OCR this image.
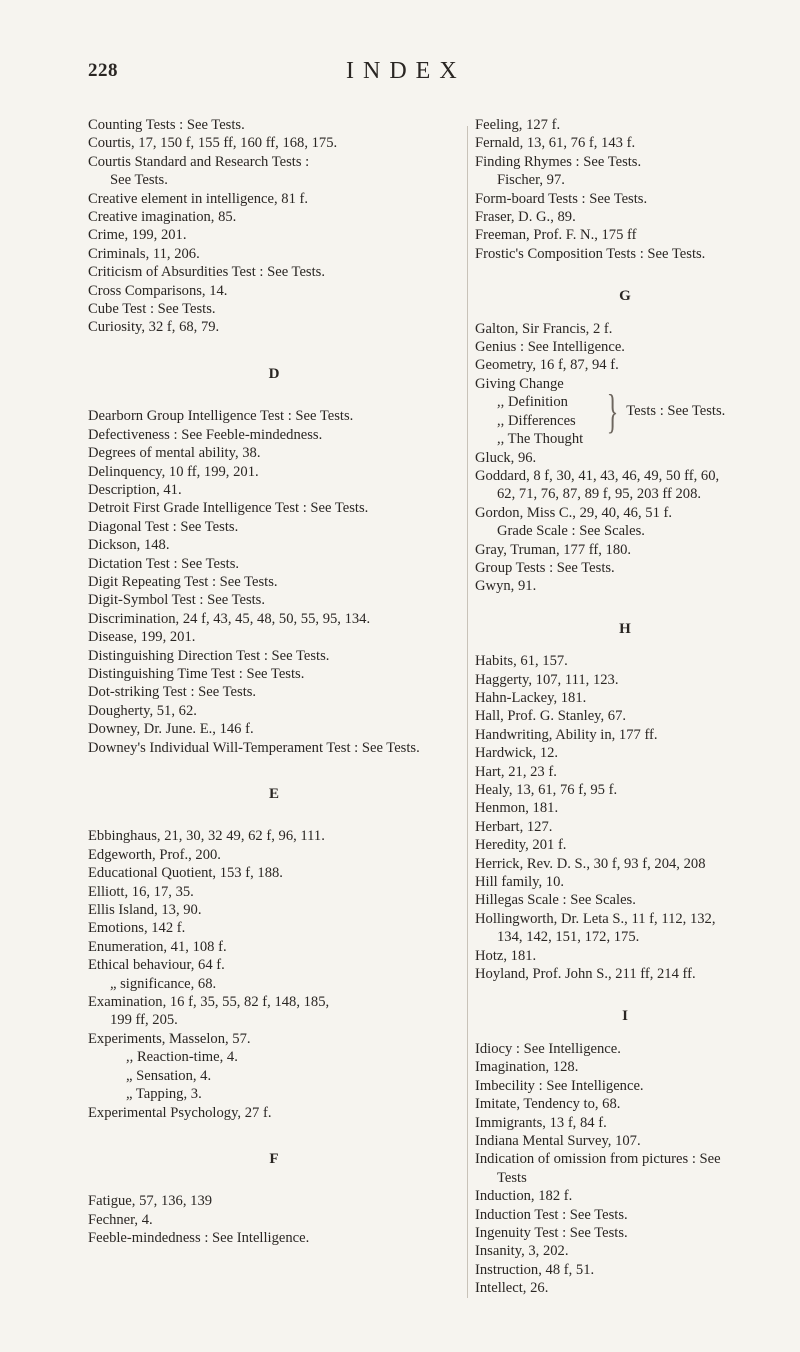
228	INDEX
Counting Tests : See Tests.
Courtis, 17, 150 f, 155 ff, 160 ff, 168, 175.
Courtis Standard and Research Tests :
See Tests.
Creative element in intelligence, 81 f.
Creative imagination, 85.
Crime, 199, 201.
Criminals, 11, 206.
Criticism of Absurdities Test : See Tests.
Cross Comparisons, 14.
Cube Test : See Tests.
Curiosity, 32 f, 68, 79.
D
Dearborn Group Intelligence Test : See Tests.
Defectiveness : See Feeble-mindedness.
Degrees of mental ability, 38.
Delinquency, 10 ff, 199, 201.
Description, 41.
Detroit First Grade Intelligence Test : See Tests.
Diagonal Test : See Tests.
Dickson, 148.
Dictation Test : See Tests.
Digit Repeating Test : See Tests.
Digit-Symbol Test : See Tests.
Discrimination, 24 f, 43, 45, 48, 50, 55, 95, 134.
Disease, 199, 201.
Distinguishing Direction Test : See Tests.
Distinguishing Time Test : See Tests.
Dot-striking Test : See Tests.
Dougherty, 51, 62.
Downey, Dr. June. E., 146 f.
Downey's Individual Will-Temperament Test : See Tests.
E
Ebbinghaus, 21, 30, 32 49, 62 f, 96, 111.
Edgeworth, Prof., 200.
Educational Quotient, 153 f, 188.
Elliott, 16, 17, 35.
Ellis Island, 13, 90.
Emotions, 142 f.
Enumeration, 41, 108 f.
Ethical behaviour, 64 f.
„ significance, 68.
Examination, 16 f, 35, 55, 82 f, 148, 185,
199 ff, 205.
Experiments, Masselon, 57.
,, Reaction-time, 4.
„ Sensation, 4.
„ Tapping, 3.
Experimental Psychology, 27 f.
F
Fatigue, 57, 136, 139
Fechner, 4.
Feeble-mindedness : See Intelligence.
Feeling, 127 f.
Fernald, 13, 61, 76 f, 143 f.
Finding Rhymes : See Tests.
Fischer, 97.
Form-board Tests : See Tests.
Fraser, D. G., 89.
Freeman, Prof. F. N., 175 ff
Frostic's Composition Tests : See Tests.
G
Galton, Sir Francis, 2 f.
Genius : See Intelligence.
Geometry, 16 f, 87, 94 f.
Giving Change
,, Definition
,, Differences
,, The Thought
} Tests : See Tests.
Gluck, 96.
Goddard, 8 f, 30, 41, 43, 46, 49, 50 ff, 60,
62, 71, 76, 87, 89 f, 95, 203 ff 208.
Gordon, Miss C., 29, 40, 46, 51 f.
Grade Scale : See Scales.
Gray, Truman, 177 ff, 180.
Group Tests : See Tests.
Gwyn, 91.
H
Habits, 61, 157.
Haggerty, 107, 111, 123.
Hahn-Lackey, 181.
Hall, Prof. G. Stanley, 67.
Handwriting, Ability in, 177 ff.
Hardwick, 12.
Hart, 21, 23 f.
Healy, 13, 61, 76 f, 95 f.
Henmon, 181.
Herbart, 127.
Heredity, 201 f.
Herrick, Rev. D. S., 30 f, 93 f, 204, 208
Hill family, 10.
Hillegas Scale : See Scales.
Hollingworth, Dr. Leta S., 11 f, 112, 132,
134, 142, 151, 172, 175.
Hotz, 181.
Hoyland, Prof. John S., 211 ff, 214 ff.
I
Idiocy : See Intelligence.
Imagination, 128.
Imbecility : See Intelligence.
Imitate, Tendency to, 68.
Immigrants, 13 f, 84 f.
Indiana Mental Survey, 107.
Indication of omission from pictures : See
Tests
Induction, 182 f.
Induction Test : See Tests.
Ingenuity Test : See Tests.
Insanity, 3, 202.
Instruction, 48 f, 51.
Intellect, 26.
